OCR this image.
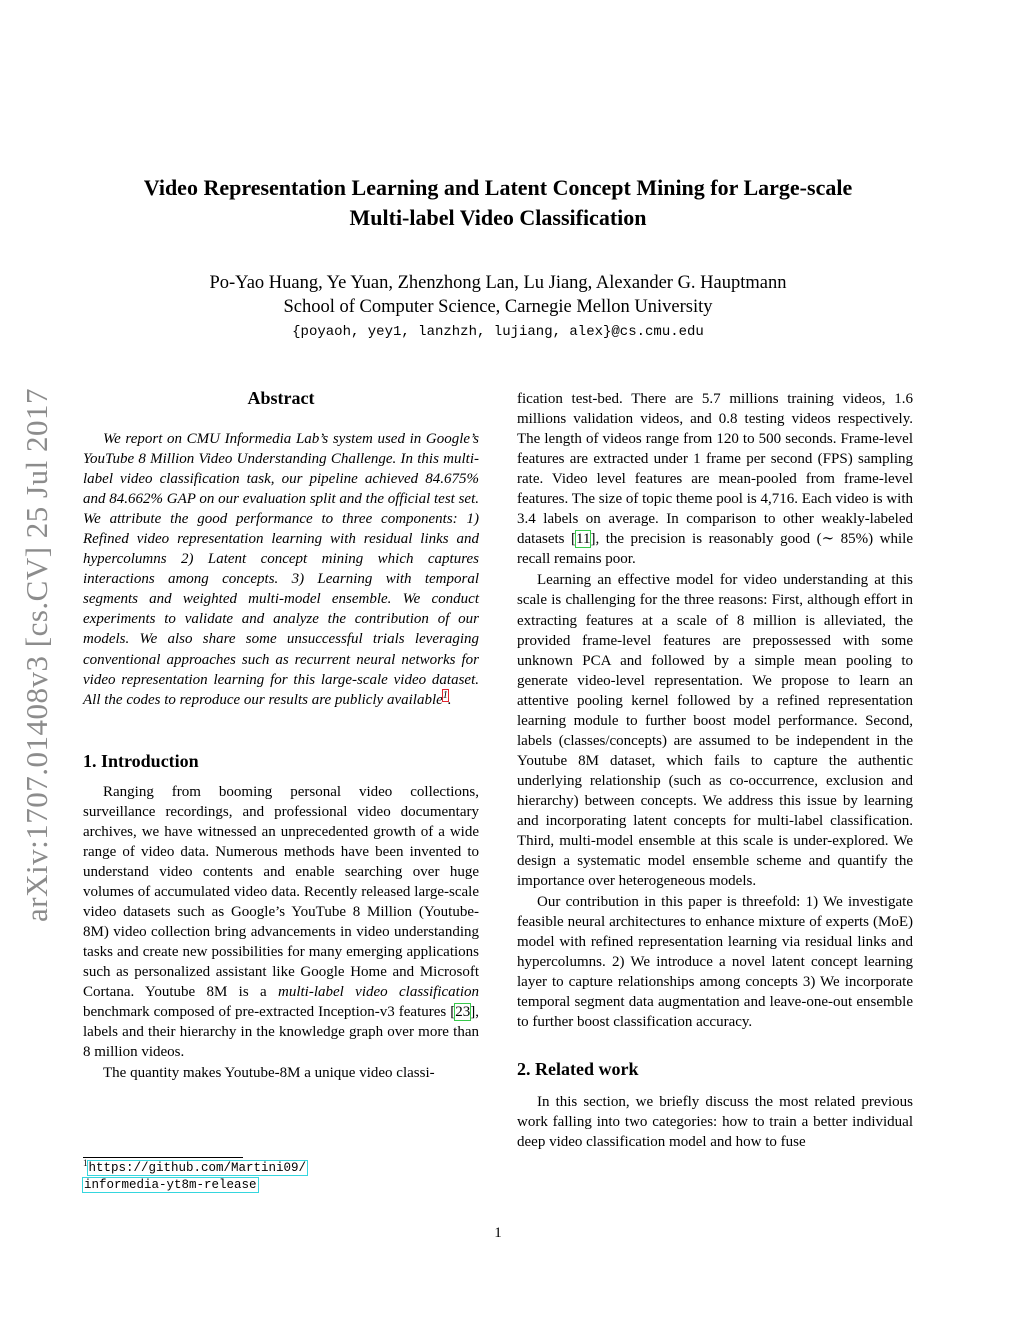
arXiv:1707.01408v3 [cs.CV] 25 Jul 2017
Video Representation Learning and Latent Concept Mining for Large-scale
Multi-label Video Classification
Po-Yao Huang, Ye Yuan, Zhenzhong Lan, Lu Jiang, Alexander G. Hauptmann
School of Computer Science, Carnegie Mellon University
{poyaoh, yey1, lanzhzh, lujiang, alex}@cs.cmu.edu
Abstract
We report on CMU Informedia Lab’s system used in Google’s YouTube 8 Million Video Understanding Challenge. In this multi-label video classification task, our pipeline achieved 84.675% and 84.662% GAP on our evaluation split and the official test set. We attribute the good performance to three components: 1) Refined video representation learning with residual links and hypercolumns 2) Latent concept mining which captures interactions among concepts. 3) Learning with temporal segments and weighted multi-model ensemble. We conduct experiments to validate and analyze the contribution of our models. We also share some unsuccessful trials leveraging conventional approaches such as recurrent neural networks for video representation learning for this large-scale video dataset. All the codes to reproduce our results are publicly available$^1$.
1. Introduction

Ranging from booming personal video collections, surveillance recordings, and professional video documentary archives, we have witnessed an unprecedented growth of a wide range of video data. Numerous methods have been invented to understand video contents and enable searching over huge volumes of accumulated video data. Recently released large-scale video datasets such as Google’s YouTube 8 Million (Youtube-8M) video collection bring advancements in video understanding tasks and create new possibilities for many emerging applications such as personalized assistant like Google Home and Microsoft Cortana. Youtube 8M is a multi-label video classification benchmark composed of pre-extracted Inception-v3 features [23], labels and their hierarchy in the knowledge graph over more than 8 million videos.

The quantity makes Youtube-8M a unique video classi-

$^1$https://github.com/Martini09/
informedia-yt8m-release

fication test-bed. There are 5.7 millions training videos, 1.6 millions validation videos, and 0.8 testing videos respectively. The length of videos range from 120 to 500 seconds. Frame-level features are extracted under 1 frame per second (FPS) sampling rate. Video level features are mean-pooled from frame-level features. The size of topic theme pool is 4,716. Each video is with 3.4 labels on average. In comparison to other weakly-labeled datasets [11], the precision is reasonably good (∼ 85%) while recall remains poor.

Learning an effective model for video understanding at this scale is challenging for the three reasons: First, although effort in extracting features at a scale of 8 million is alleviated, the provided frame-level features are prepossessed with some unknown PCA and followed by a simple mean pooling to generate video-level representation. We propose to learn an attentive pooling kernel followed by a refined representation learning module to further boost model performance. Second, labels (classes/concepts) are assumed to be independent in the Youtube 8M dataset, which fails to capture the authentic underlying relationship (such as co-occurrence, exclusion and hierarchy) between concepts. We address this issue by learning and incorporating latent concepts for multi-label classification. Third, multi-model ensemble at this scale is under-explored. We design a systematic model ensemble scheme and quantify the importance over heterogeneous models.

Our contribution in this paper is threefold: 1) We investigate feasible neural architectures to enhance mixture of experts (MoE) model with refined representation learning via residual links and hypercolumns. 2) We introduce a novel latent concept learning layer to capture relationships among concepts 3) We incorporate temporal segment data augmentation and leave-one-out ensemble to further boost classification accuracy.

2. Related work

In this section, we briefly discuss the most related previous work falling into two categories: how to train a better individual deep video classification model and how to fuse

1
